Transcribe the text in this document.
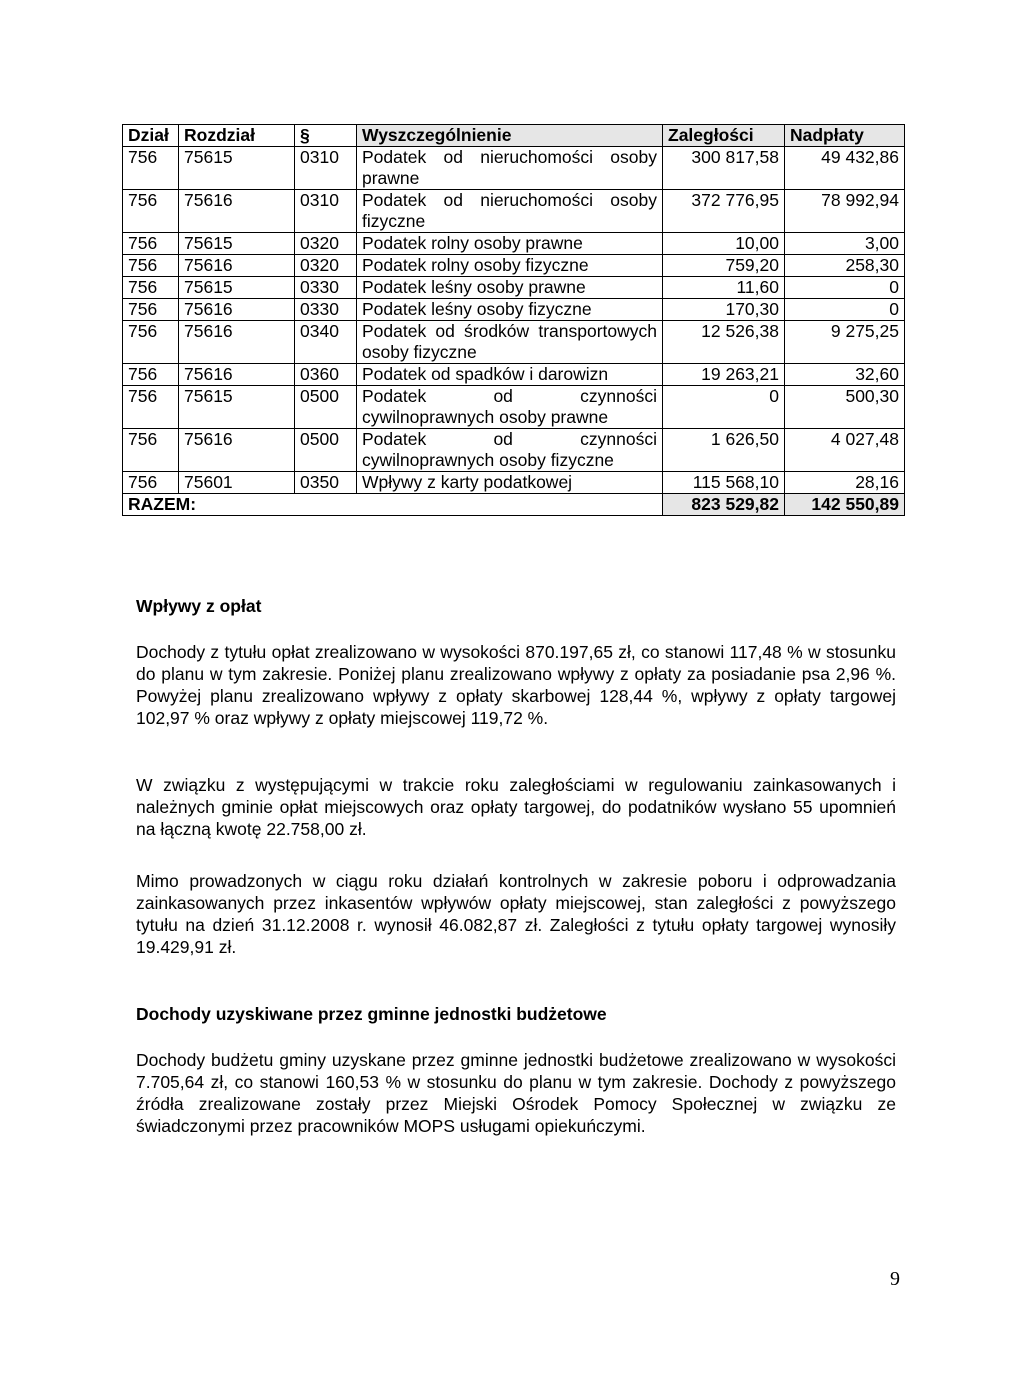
Dział	Rozdział	§	Wyszczególnienie	Zaległości	Nadpłaty
756	75615	0310	Podatek od nieruchomości osoby prawne	300 817,58	49 432,86
756	75616	0310	Podatek od nieruchomości osoby fizyczne	372 776,95	78 992,94
756	75615	0320	Podatek rolny osoby prawne	10,00	3,00
756	75616	0320	Podatek rolny osoby fizyczne	759,20	258,30
756	75615	0330	Podatek leśny osoby prawne	11,60	0
756	75616	0330	Podatek leśny osoby fizyczne	170,30	0
756	75616	0340	Podatek od środków transportowych osoby fizyczne	12 526,38	9 275,25
756	75616	0360	Podatek od spadków i darowizn	19 263,21	32,60
756	75615	0500	Podatek od czynności cywilnoprawnych osoby prawne	0	500,30
756	75616	0500	Podatek od czynności cywilnoprawnych osoby fizyczne	1 626,50	4 027,48
756	75601	0350	Wpływy z karty podatkowej	115 568,10	28,16
RAZEM:				823 529,82	142 550,89
Wpływy z opłat

Dochody z tytułu opłat zrealizowano w wysokości 870.197,65 zł, co stanowi 117,48 % w stosunku do planu w tym zakresie. Poniżej planu zrealizowano wpływy z opłaty za posiadanie psa 2,96 %. Powyżej planu zrealizowano wpływy z opłaty skarbowej 128,44 %, wpływy z opłaty targowej 102,97 % oraz wpływy z opłaty miejscowej 119,72 %.

W związku z występującymi w trakcie roku zaległościami w regulowaniu zainkasowanych i należnych gminie opłat miejscowych oraz opłaty targowej, do podatników wysłano 55 upomnień na łączną kwotę 22.758,00 zł.

Mimo prowadzonych w ciągu roku działań kontrolnych w zakresie poboru i odprowadzania zainkasowanych przez inkasentów wpływów opłaty miejscowej, stan zaległości z powyższego tytułu na dzień 31.12.2008 r. wynosił 46.082,87 zł. Zaległości z tytułu opłaty targowej wynosiły 19.429,91 zł.

Dochody uzyskiwane przez gminne jednostki budżetowe

Dochody budżetu gminy uzyskane przez gminne jednostki budżetowe zrealizowano w wysokości 7.705,64 zł, co stanowi 160,53 % w stosunku do planu w tym zakresie. Dochody z powyższego źródła zrealizowane zostały przez Miejski Ośrodek Pomocy Społecznej w związku ze świadczonymi przez pracowników MOPS usługami opiekuńczymi.

9
